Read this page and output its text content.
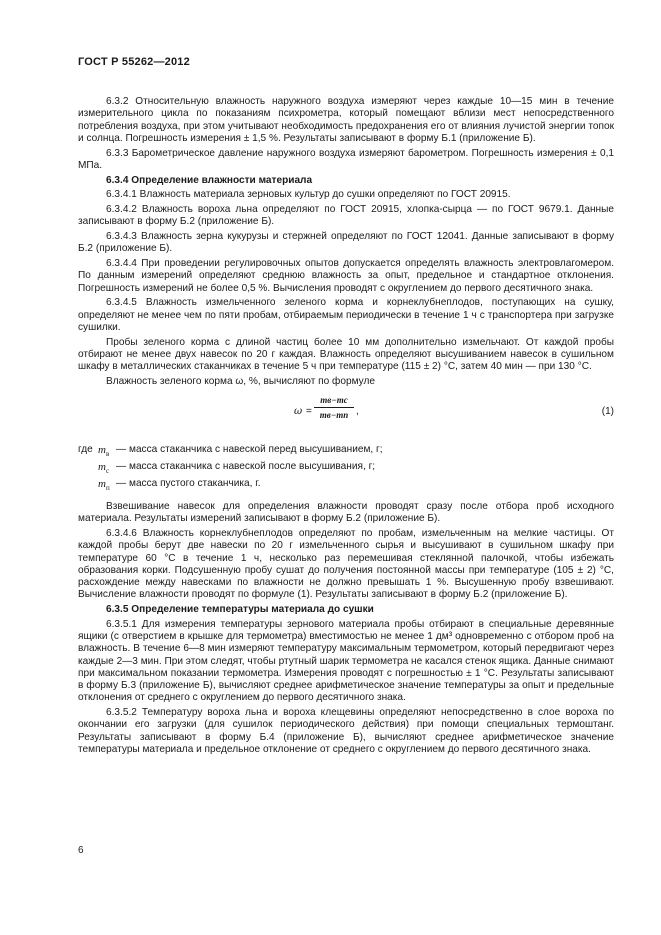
ГОСТ Р 55262—2012

6.3.2 Относительную влажность наружного воздуха измеряют через каждые 10—15 мин в течение измерительного цикла по показаниям психрометра, который помещают вблизи мест непосредственного потребления воздуха, при этом учитывают необходимость предохранения его от влияния лучистой энергии топок и солнца. Погрешность измерения ± 1,5 %. Результаты записывают в форму Б.1 (приложение Б).

6.3.3 Барометрическое давление наружного воздуха измеряют барометром. Погрешность измерения ± 0,1 МПа.

6.3.4 Определение влажности материала

6.3.4.1 Влажность материала зерновых культур до сушки определяют по ГОСТ 20915.

6.3.4.2 Влажность вороха льна определяют по ГОСТ 20915, хлопка-сырца — по ГОСТ 9679.1. Данные записывают в форму Б.2 (приложение Б).

6.3.4.3 Влажность зерна кукурузы и стержней определяют по ГОСТ 12041. Данные записывают в форму Б.2 (приложение Б).

6.3.4.4 При проведении регулировочных опытов допускается определять влажность электровлагомером. По данным измерений определяют среднюю влажность за опыт, предельное и стандартное отклонения. Погрешность измерений не более 0,5 %. Вычисления проводят с округлением до первого десятичного знака.

6.3.4.5 Влажность измельченного зеленого корма и корнеклубнеплодов, поступающих на сушку, определяют не менее чем по пяти пробам, отбираемым периодически в течение 1 ч с транспортера при загрузке сушилки.

Пробы зеленого корма с длиной частиц более 10 мм дополнительно измельчают. От каждой пробы отбирают не менее двух навесок по 20 г каждая. Влажность определяют высушиванием навесок в сушильном шкафу в металлических стаканчиках в течение 5 ч при температуре (115 ± 2) °С, затем 40 мин — при 130 °С.

Влажность зеленого корма ω, %, вычисляют по формуле

ω =
mв−mс
mв−mп ,	(1)
где $m_в$ — масса стаканчика с навеской перед высушиванием, г;
$m_с$ — масса стаканчика с навеской после высушивания, г;
$m_п$ — масса пустого стаканчика, г.

Взвешивание навесок для определения влажности проводят сразу после отбора проб исходного материала. Результаты измерений записывают в форму Б.2 (приложение Б).

6.3.4.6 Влажность корнеклубнеплодов определяют по пробам, измельченным на мелкие частицы. От каждой пробы берут две навески по 20 г измельченного сырья и высушивают в сушильном шкафу при температуре 60 °С в течение 1 ч, несколько раз перемешивая стеклянной палочкой, чтобы избежать образования корки. Подсушенную пробу сушат до получения постоянной массы при температуре (105 ± 2) °С, расхождение между навесками по влажности не должно превышать 1 %. Высушенную пробу взвешивают. Вычисление влажности проводят по формуле (1). Результаты записывают в форму Б.2 (приложение Б).

6.3.5 Определение температуры материала до сушки

6.3.5.1 Для измерения температуры зернового материала пробы отбирают в специальные деревянные ящики (с отверстием в крышке для термометра) вместимостью не менее 1 дм³ одновременно с отбором проб на влажность. В течение 6—8 мин измеряют температуру максимальным термометром, который передвигают через каждые 2—3 мин. При этом следят, чтобы ртутный шарик термометра не касался стенок ящика. Данные снимают при максимальном показании термометра. Измерения проводят с погрешностью ± 1 °С. Результаты записывают в форму Б.3 (приложение Б), вычисляют среднее арифметическое значение температуры за опыт и предельные отклонения от среднего с округлением до первого десятичного знака.

6.3.5.2 Температуру вороха льна и вороха клещевины определяют непосредственно в слое вороха по окончании его загрузки (для сушилок периодического действия) при помощи специальных термоштанг. Результаты записывают в форму Б.4 (приложение Б), вычисляют среднее арифметическое значение температуры материала и предельное отклонение от среднего с округлением до первого десятичного знака.

6
